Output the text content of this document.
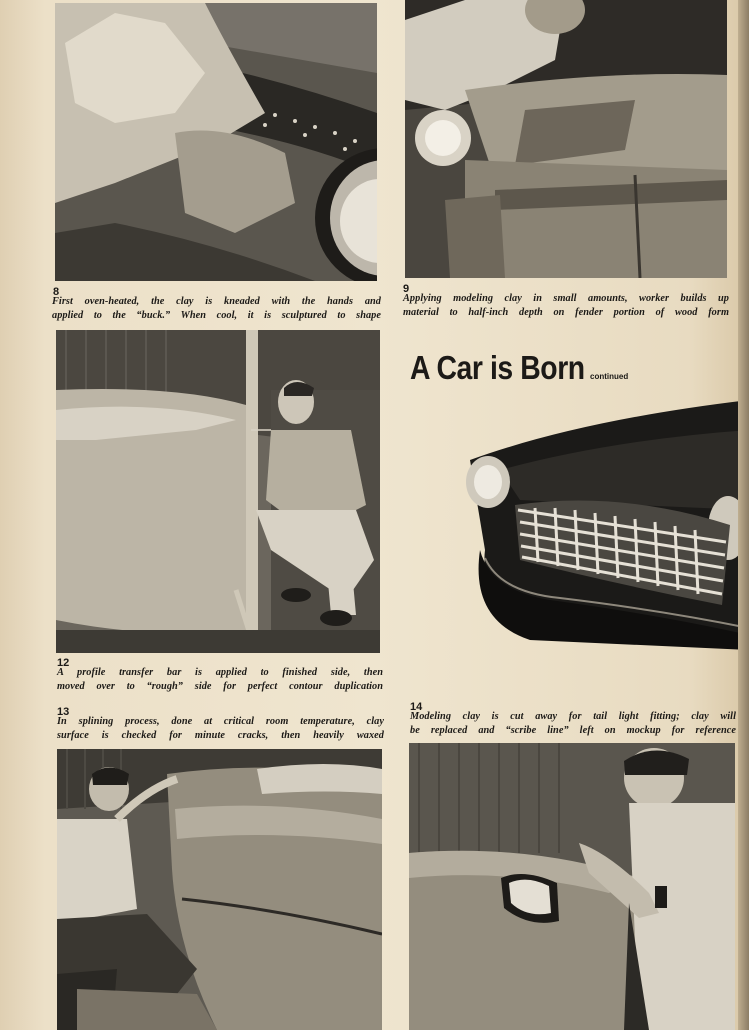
8
First oven-heated, the clay is kneaded with the hands and
applied to the “buck.” When cool, it is sculptured to shape
9
Applying modeling clay in small amounts, worker builds up
material to half-inch depth on fender portion of wood form
A Car is Born continued
12
A profile transfer bar is applied to finished side, then
moved over to “rough” side for perfect contour duplication
13
In splining process, done at critical room temperature, clay
surface is checked for minute cracks, then heavily waxed
14
Modeling clay is cut away for tail light fitting; clay will
be replaced and “scribe line” left on mockup for reference
